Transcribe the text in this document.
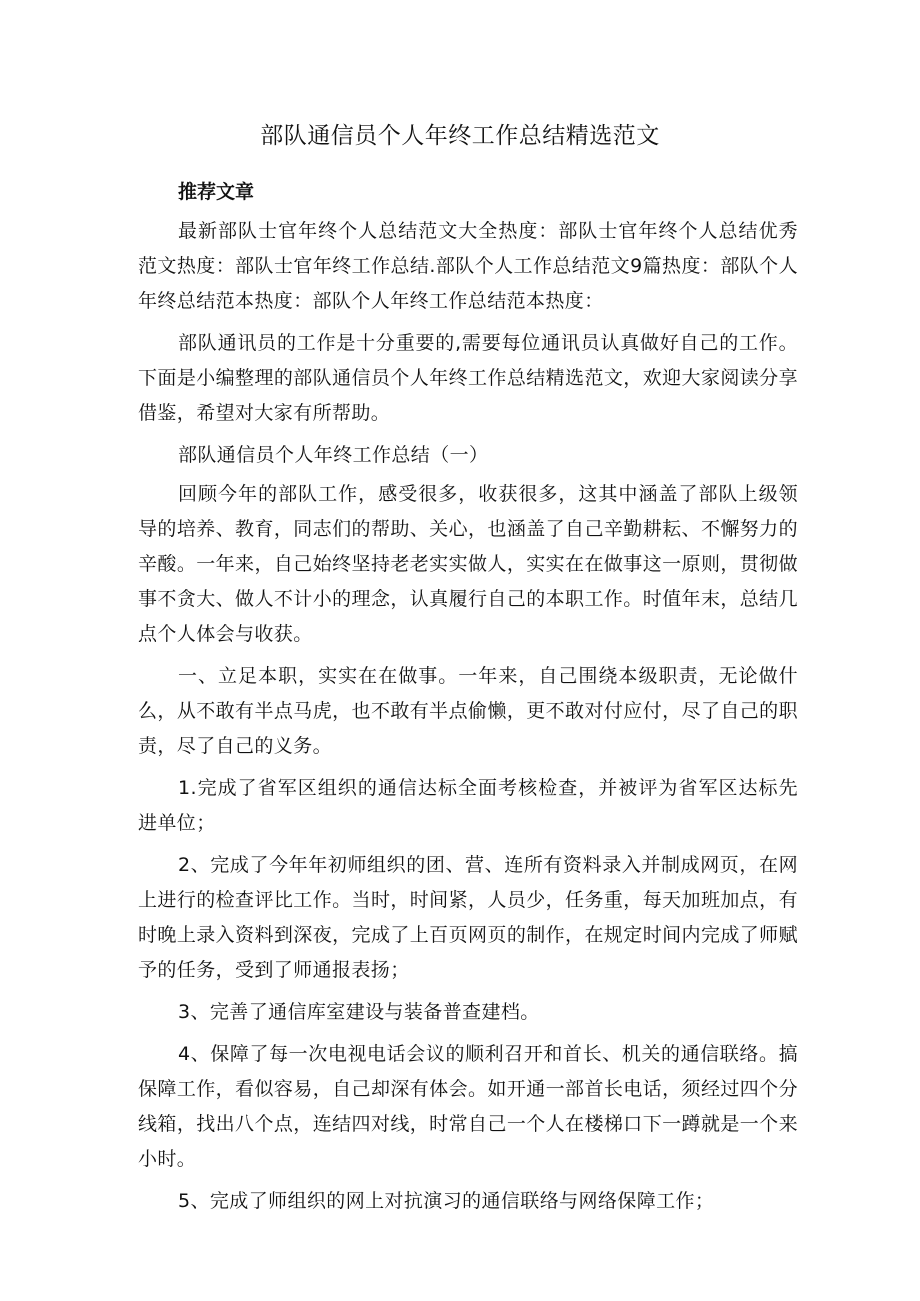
部队通信员个人年终工作总结精选范文

推荐文章

最新部队士官年终个人总结范文大全热度：部队士官年终个人总结优秀范文热度：部队士官年终工作总结.部队个人工作总结范文9篇热度：部队个人年终总结范本热度：部队个人年终工作总结范本热度：

部队通讯员的工作是十分重要的,需要每位通讯员认真做好自己的工作。下面是小编整理的部队通信员个人年终工作总结精选范文，欢迎大家阅读分享借鉴，希望对大家有所帮助。

部队通信员个人年终工作总结（一）

回顾今年的部队工作，感受很多，收获很多，这其中涵盖了部队上级领导的培养、教育，同志们的帮助、关心，也涵盖了自己辛勤耕耘、不懈努力的辛酸。一年来，自己始终坚持老老实实做人，实实在在做事这一原则，贯彻做事不贪大、做人不计小的理念，认真履行自己的本职工作。时值年末，总结几点个人体会与收获。

一、立足本职，实实在在做事。一年来，自己围绕本级职责，无论做什么，从不敢有半点马虎，也不敢有半点偷懒，更不敢对付应付，尽了自己的职责，尽了自己的义务。

1.完成了省军区组织的通信达标全面考核检查，并被评为省军区达标先进单位；

2、完成了今年年初师组织的团、营、连所有资料录入并制成网页，在网上进行的检查评比工作。当时，时间紧，人员少，任务重，每天加班加点，有时晚上录入资料到深夜，完成了上百页网页的制作，在规定时间内完成了师赋予的任务，受到了师通报表扬；

3、完善了通信库室建设与装备普查建档。

4、保障了每一次电视电话会议的顺利召开和首长、机关的通信联络。搞保障工作，看似容易，自己却深有体会。如开通一部首长电话，须经过四个分线箱，找出八个点，连结四对线，时常自己一个人在楼梯口下一蹲就是一个来小时。

5、完成了师组织的网上对抗演习的通信联络与网络保障工作；
